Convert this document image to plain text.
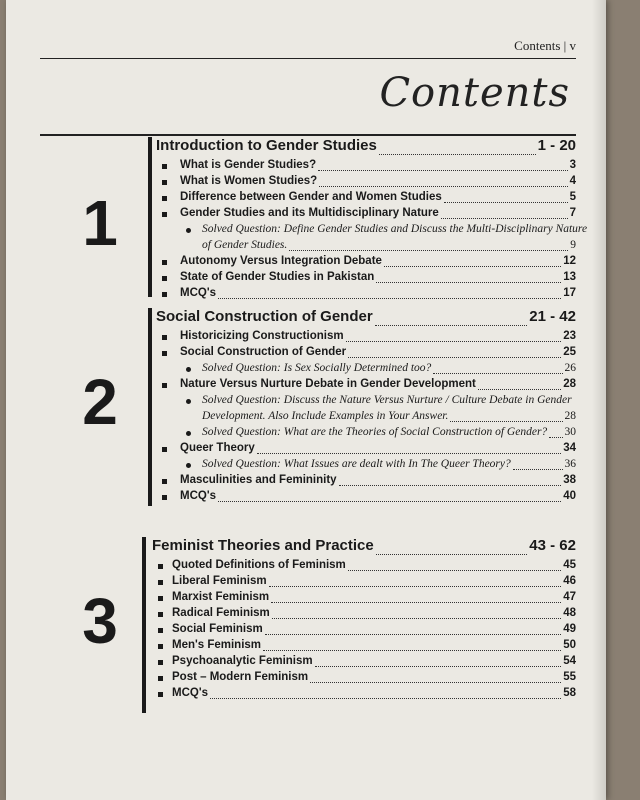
Contents | v
Contents
1
Introduction to Gender Studies	1 - 20
What is Gender Studies?	3
What is Women Studies?	4
Difference between Gender and Women Studies	5
Gender Studies and its Multidisciplinary Nature	7
Solved Question: Define Gender Studies and Discuss the Multi-Disciplinary Nature
of Gender Studies.	9
Autonomy Versus Integration Debate	12
State of Gender Studies in Pakistan	13
MCQ's	17
2
Social Construction of Gender	21 - 42
Historicizing Constructionism	23
Social Construction of Gender	25
Solved Question: Is Sex Socially Determined too?	26
Nature Versus Nurture Debate in Gender Development	28
Solved Question: Discuss the Nature Versus Nurture / Culture Debate in Gender
Development. Also Include Examples in Your Answer.	28
Solved Question: What are the Theories of Social Construction of Gender? 30
Queer Theory	34
Solved Question: What Issues are dealt with In The Queer Theory?	36
Masculinities and Femininity	38
MCQ's	40
3
Feminist Theories and Practice	43 - 62
Quoted Definitions of Feminism	45
Liberal Feminism	46
Marxist Feminism	47
Radical Feminism	48
Social Feminism	49
Men's Feminism	50
Psychoanalytic Feminism	54
Post – Modern Feminism	55
MCQ's	58
